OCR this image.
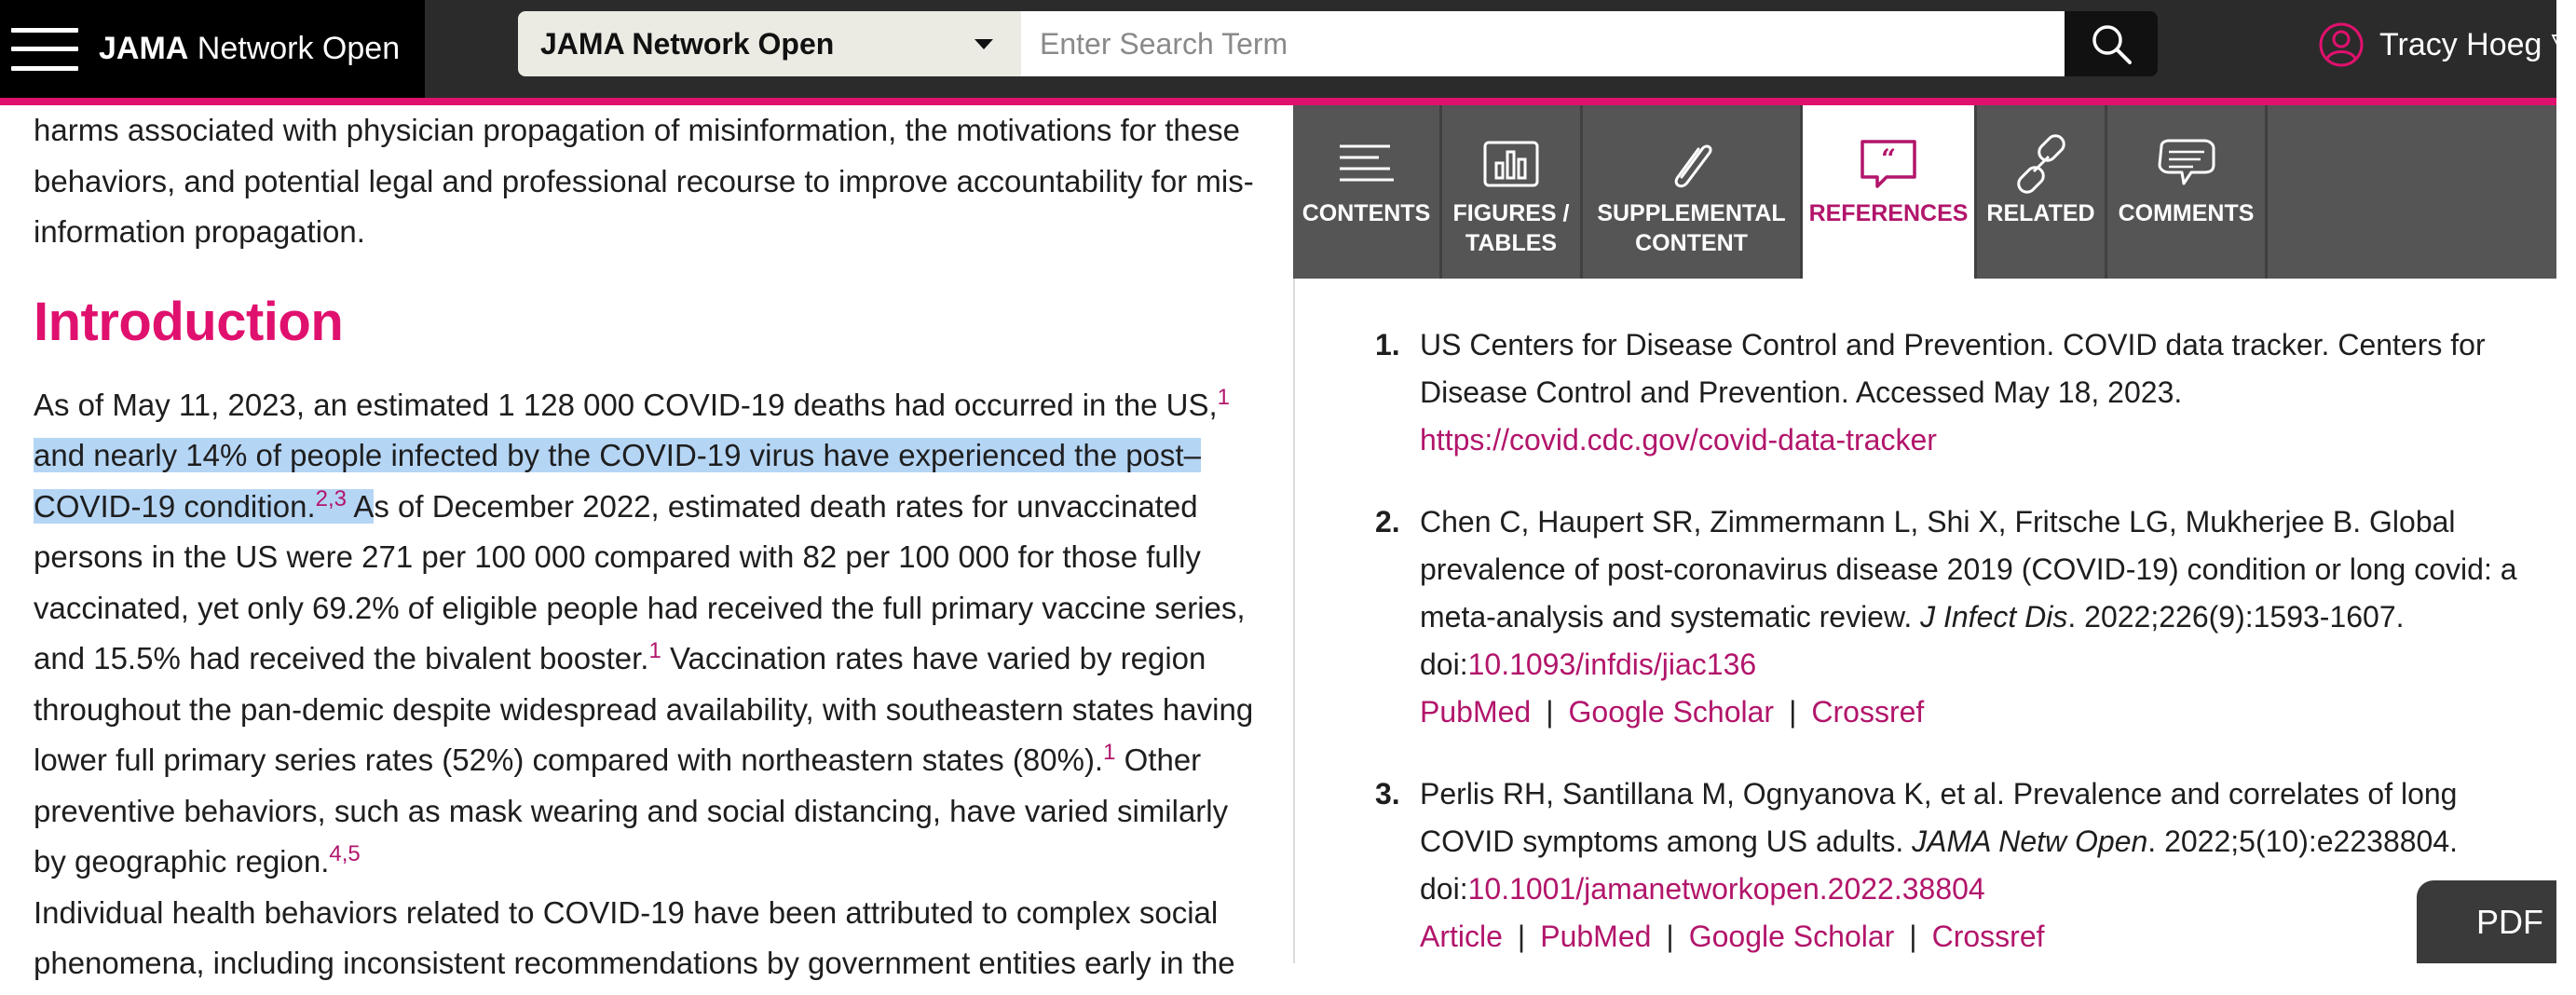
JAMA Network Open	JAMA Network Open
Enter Search Term	Tracy Hoeg ▽

harms associated with physician propagation of misinformation, the motivations for these behaviors, and potential legal and professional recourse to improve accountability for mis-information propagation.

Introduction

As of May 11, 2023, an estimated 1 128 000 COVID-19 deaths had occurred in the US,$^1$ and nearly 14% of people infected by the COVID-19 virus have experienced the post–COVID-19 condition.$^{2,3}$ As of December 2022, estimated death rates for unvaccinated persons in the US were 271 per 100 000 compared with 82 per 100 000 for those fully vaccinated, yet only 69.2% of eligible people had received the full primary vaccine series, and 15.5% had received the bivalent booster.$^1$ Vaccination rates have varied by region throughout the pan-demic despite widespread availability, with southeastern states having lower full primary series rates (52%) compared with northeastern states (80%).$^1$ Other preventive behaviors, such as mask wearing and social distancing, have varied similarly by geographic region.$^{4,5}$

Individual health behaviors related to COVID-19 have been attributed to complex social phenomena, including inconsistent recommendations by government entities early in the

CONTENTS FIGURES /
TABLES
SUPPLEMENTAL
CONTENT
“
REFERENCES RELATED COMMENTS
1. US Centers for Disease Control and Prevention. COVID data tracker. Centers for Disease Control and Prevention. Accessed May 18, 2023.
https://covid.cdc.gov/covid-data-tracker
2. Chen C, Haupert SR, Zimmermann L, Shi X, Fritsche LG, Mukherjee B. Global prevalence of post-coronavirus disease 2019 (COVID-19) condition or long covid: a meta-analysis and systematic review. J Infect Dis. 2022;226(9):1593-1607.
doi:10.1093/infdis/jiac136
PubMed | Google Scholar | Crossref
3. Perlis RH, Santillana M, Ognyanova K, et al. Prevalence and correlates of long COVID symptoms among US adults. JAMA Netw Open. 2022;5(10):e2238804.
doi:10.1001/jamanetworkopen.2022.38804
Article | PubMed | Google Scholar | Crossref	PDF
